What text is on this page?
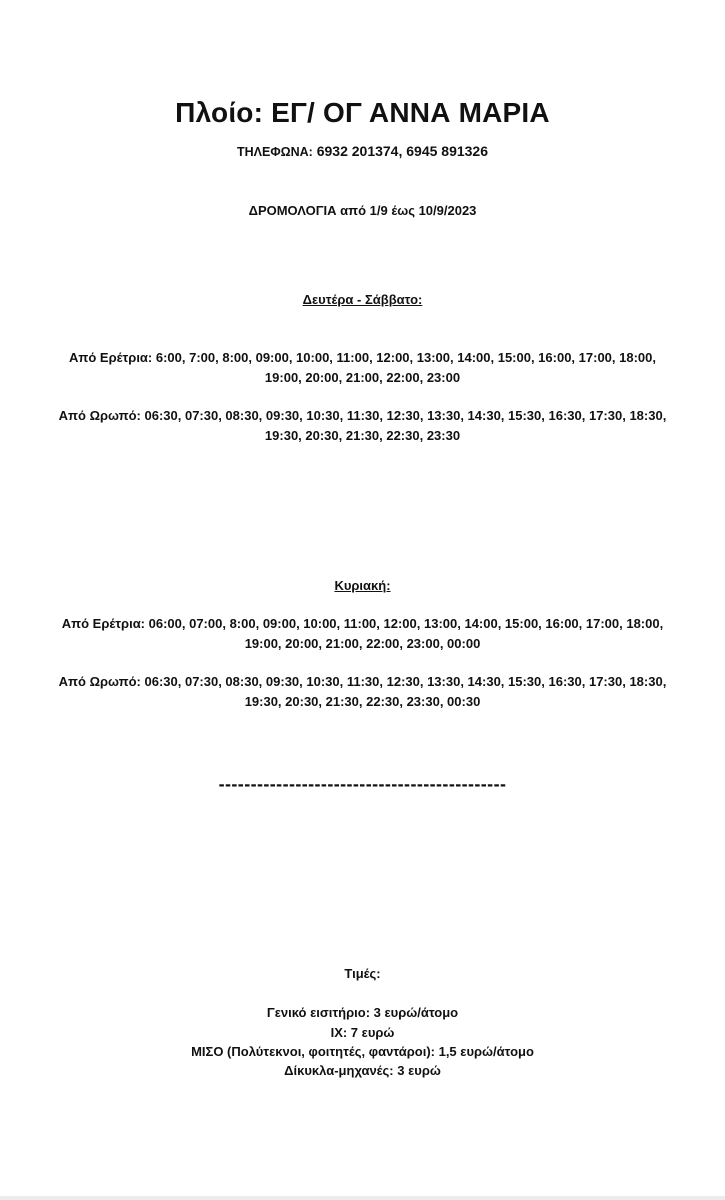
Πλοίο: ΕΓ/ ΟΓ ΑΝΝΑ ΜΑΡΙΑ
ΤΗΛΕΦΩΝΑ: 6932 201374, 6945 891326
ΔΡΟΜΟΛΟΓΙΑ από 1/9 έως 10/9/2023
Δευτέρα - Σάββατο:
Από Ερέτρια: 6:00, 7:00, 8:00, 09:00, 10:00, 11:00, 12:00, 13:00, 14:00, 15:00, 16:00, 17:00, 18:00,
19:00, 20:00, 21:00, 22:00, 23:00
Από Ωρωπό: 06:30, 07:30, 08:30, 09:30, 10:30, 11:30, 12:30, 13:30, 14:30, 15:30, 16:30, 17:30, 18:30,
19:30, 20:30, 21:30, 22:30, 23:30
Κυριακή:
Από Ερέτρια: 06:00, 07:00, 8:00, 09:00, 10:00, 11:00, 12:00, 13:00, 14:00, 15:00, 16:00, 17:00, 18:00,
19:00, 20:00, 21:00, 22:00, 23:00, 00:00
Από Ωρωπό: 06:30, 07:30, 08:30, 09:30, 10:30, 11:30, 12:30, 13:30, 14:30, 15:30, 16:30, 17:30, 18:30,
19:30, 20:30, 21:30, 22:30, 23:30, 00:30
---------------------------------------------
Τιμές:
Γενικό εισιτήριο: 3 ευρώ/άτομο
ΙΧ: 7 ευρώ
ΜΙΣΟ (Πολύτεκνοι, φοιτητές, φαντάροι): 1,5 ευρώ/άτομο
Δίκυκλα-μηχανές: 3 ευρώ
